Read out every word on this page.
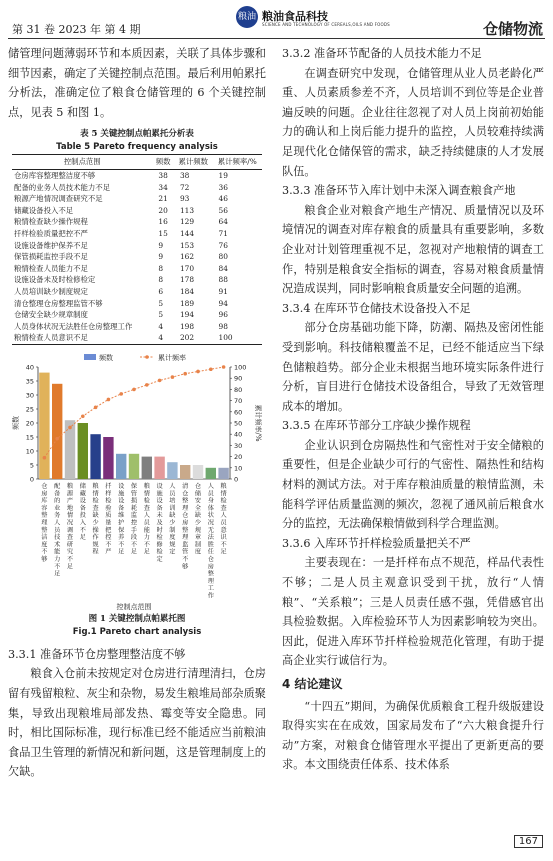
第 31 卷 2023 年 第 4 期
粮油 粮油食品科技
SCIENCE AND TECHNOLOGY OF CEREALS,OILS AND FOODS	仓储物流

储管理问题薄弱环节和本质因素，关联了具体步骤和细节因素，确定了关键控制点范围。最后利用帕累托分析法，准确定位了粮食仓储管理的 6 个关键控制点，见表 5 和图 1。

表 5 关键控制点帕累托分析表
Table 5 Pareto frequency analysis
控制点范围	频数	累计频数	累计频率/%
仓房库容整理整洁度不够	38	38	19
配备的业务人员技术能力不足	34	72	36
粮源产地情况调查研究不足	21	93	46
储藏设备投入不足	20	113	56
粮情检查缺少操作规程	16	129	64
扦样检验质量把控不严	15	144	71
设施设备维护保养不足	9	153	76
保管损耗监控手段不足	9	162	80
粮情检查人员能力不足	8	170	84
设施设备未及时检修检定	8	178	88
人员培训缺少制度规定	6	184	91
清仓整理仓房整理监管不够	5	189	94
仓储安全缺少规章制度	5	194	96
人员身体状况无法胜任仓房整理工作	4	198	98
粮情检查人员意识不足	4	202	100
0
5
10
15
20
25
30
35
40
0
10
20
30
40
50
60
70
80
90
100
频数	累计频率
频数	累计频率/%
仓房库容整理整洁度不够
配备的业务人员技术能力不足
粮源产地情况调查研究不足
储藏设备投入不足
粮情检查缺少操作规程
扦样检验质量把控不严
设施设备维护保养不足
保管损耗监控手段不足
粮情检查人员能力不足
设施设备未及时检修检定
人员培训缺少制度规定
清仓整理仓房整理监管不够
仓储安全缺少规章制度
人员身体状况无法胜任仓房整理工作
粮情检查人员意识不足
控制点范围
图 1 关键控制点帕累托图
Fig.1 Pareto chart analysis
3.3.1 准备环节仓房整理整洁度不够

粮食入仓前未按规定对仓房进行清理清扫，仓房留有残留粮粒、灰尘和杂物，易发生粮堆局部杂质聚集，导致出现粮堆局部发热、霉变等安全隐患。同时，相比国际标准，现行标准已经不能适应当前粮油食品卫生管理的新情况和新问题，这是管理制度上的欠缺。

3.3.2 准备环节配备的人员技术能力不足

在调查研究中发现，仓储管理从业人员老龄化严重、人员素质参差不齐，人员培训不到位等是企业普遍反映的问题。企业往往忽视了对人员上岗前初始能力的确认和上岗后能力提升的监控，人员较难持续满足现代化仓储保管的需求，缺乏持续健康的人才发展队伍。

3.3.3 准备环节入库计划中未深入调查粮食产地

粮食企业对粮食产地生产情况、质量情况以及环境情况的调查对库存粮食的质量具有重要影响，多数企业对计划管理重视不足，忽视对产地粮情的调查工作，特别是粮食安全指标的调查，容易对粮食质量情况造成误判，同时影响粮食质量安全问题的追溯。

3.3.4 在库环节仓储技术设备投入不足

部分仓房基础功能下降，防潮、隔热及密闭性能受到影响。科技储粮覆盖不足，已经不能适应当下绿色储粮趋势。部分企业未根据当地环境实际条件进行分析，盲目进行仓储技术设备组合，导致了无效管理成本的增加。

3.3.5 在库环节部分工序缺少操作规程

企业认识到仓房隔热性和气密性对于安全储粮的重要性，但是企业缺少可行的气密性、隔热性和结构材料的测试方法。对于库存粮油质量的粮情监测，未能科学评估质量监测的频次，忽视了通风前后粮食水分的监控，无法确保粮情做到科学合理监测。

3.3.6 入库环节扦样检验质量把关不严

主要表现在：一是扦样布点不规范，样品代表性不够；二是人员主观意识受到干扰，放行“人情粮”、“关系粮”；三是人员责任感不强，凭借感官出具检验数据。入库检验环节人为因素影响较为突出。因此，促进入库环节扦样检验规范化管理，有助于提高企业实行诚信行为。

4 结论建议

“十四五”期间，为确保优质粮食工程升级版建设取得实实在在成效，国家局发布了“六大粮食提升行动”方案，对粮食仓储管理水平提出了更新更高的要求。本文围绕责任体系、技术体系

167
